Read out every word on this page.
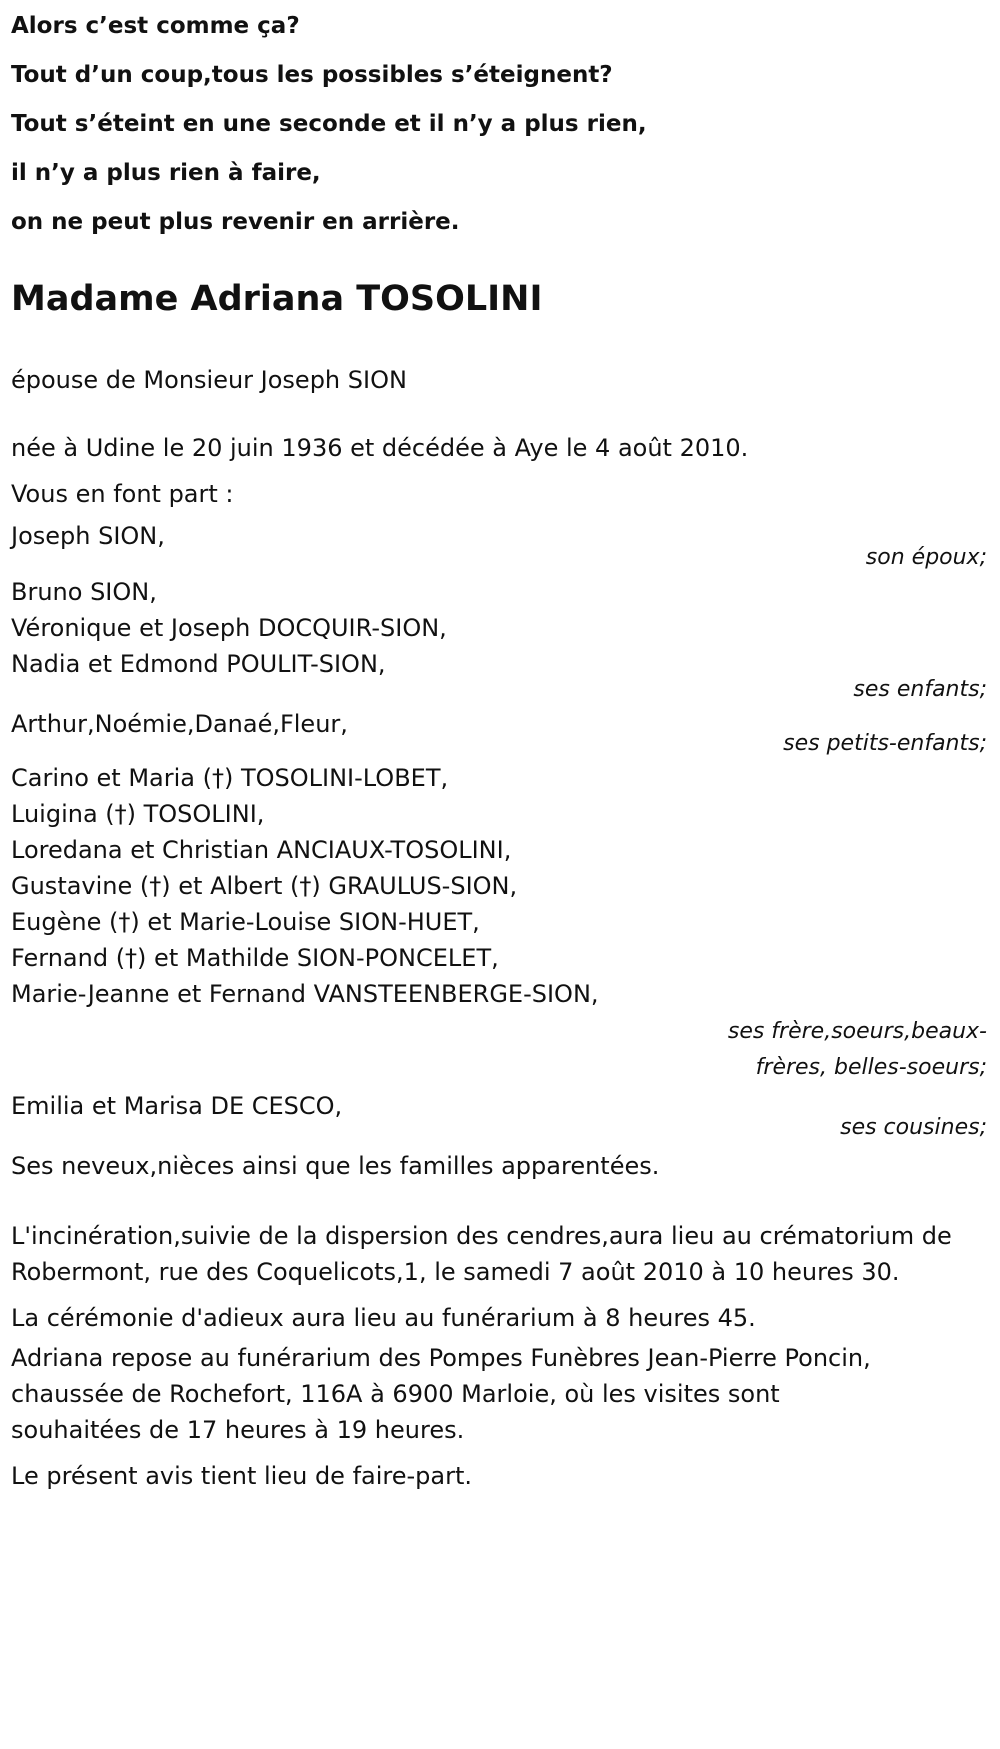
Alors c’est comme ça?
Tout d’un coup,tous les possibles s’éteignent?
Tout s’éteint en une seconde et il n’y a plus rien,
il n’y a plus rien à faire,
on ne peut plus revenir en arrière.
Madame Adriana TOSOLINI
épouse de Monsieur Joseph SION
née à Udine le 20 juin 1936 et décédée à Aye le 4 août 2010.
Vous en font part :
Joseph SION,
son époux;
Bruno SION,
Véronique et Joseph DOCQUIR-SION,
Nadia et Edmond POULIT-SION,
ses enfants;
Arthur,Noémie,Danaé,Fleur,
ses petits-enfants;
Carino et Maria (†) TOSOLINI-LOBET,
Luigina (†) TOSOLINI,
Loredana et Christian ANCIAUX-TOSOLINI,
Gustavine (†) et Albert (†) GRAULUS-SION,
Eugène (†) et Marie-Louise SION-HUET,
Fernand (†) et Mathilde SION-PONCELET,
Marie-Jeanne et Fernand VANSTEENBERGE-SION,
ses frère,soeurs,beaux-frères, belles-soeurs;
Emilia et Marisa DE CESCO,
ses cousines;
Ses neveux,nièces ainsi que les familles apparentées.
L'incinération,suivie de la dispersion des cendres,aura lieu au crématorium de Robermont, rue des Coquelicots,1, le samedi 7 août 2010 à 10 heures 30.
La cérémonie d'adieux aura lieu au funérarium à 8 heures 45.
Adriana repose au funérarium des Pompes Funèbres Jean-Pierre Poncin,
chaussée de Rochefort, 116A à 6900 Marloie, où les visites sont
souhaitées de 17 heures à 19 heures.
Le présent avis tient lieu de faire-part.
